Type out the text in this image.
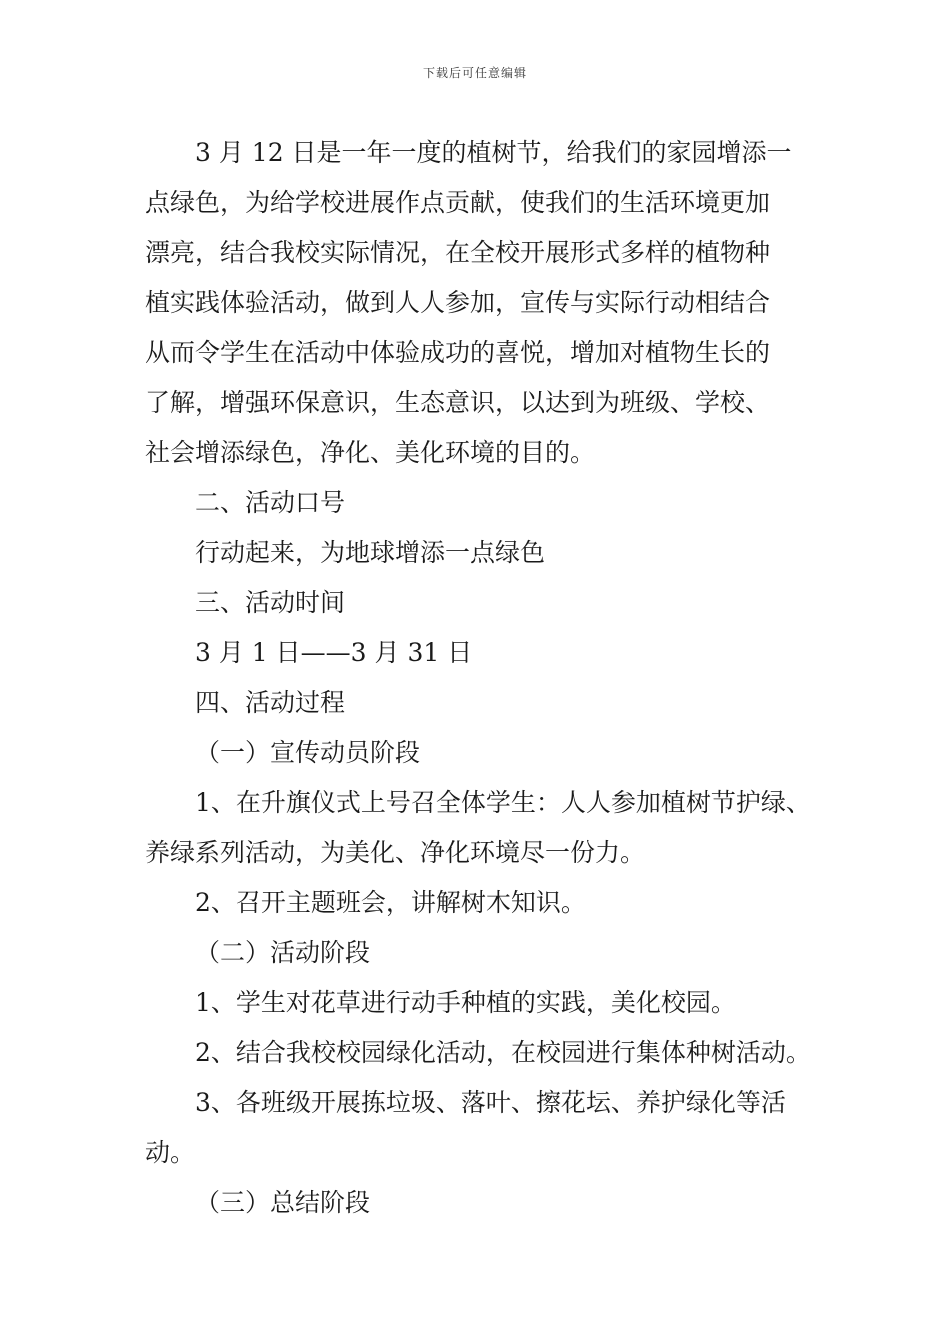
下载后可任意编辑
3 月 12 日是一年一度的植树节，给我们的家园增添一
点绿色，为给学校进展作点贡献，使我们的生活环境更加
漂亮，结合我校实际情况，在全校开展形式多样的植物种
植实践体验活动，做到人人参加，宣传与实际行动相结合
从而令学生在活动中体验成功的喜悦，增加对植物生长的
了解，增强环保意识，生态意识，以达到为班级、学校、
社会增添绿色，净化、美化环境的目的。
二、活动口号
行动起来，为地球增添一点绿色
三、活动时间
3 月 1 日——3 月 31 日
四、活动过程
（一）宣传动员阶段
1、在升旗仪式上号召全体学生：人人参加植树节护绿、
养绿系列活动，为美化、净化环境尽一份力。
2、召开主题班会，讲解树木知识。
（二）活动阶段
1、学生对花草进行动手种植的实践，美化校园。
2、结合我校校园绿化活动，在校园进行集体种树活动。
3、各班级开展拣垃圾、落叶、擦花坛、养护绿化等活
动。
（三）总结阶段
